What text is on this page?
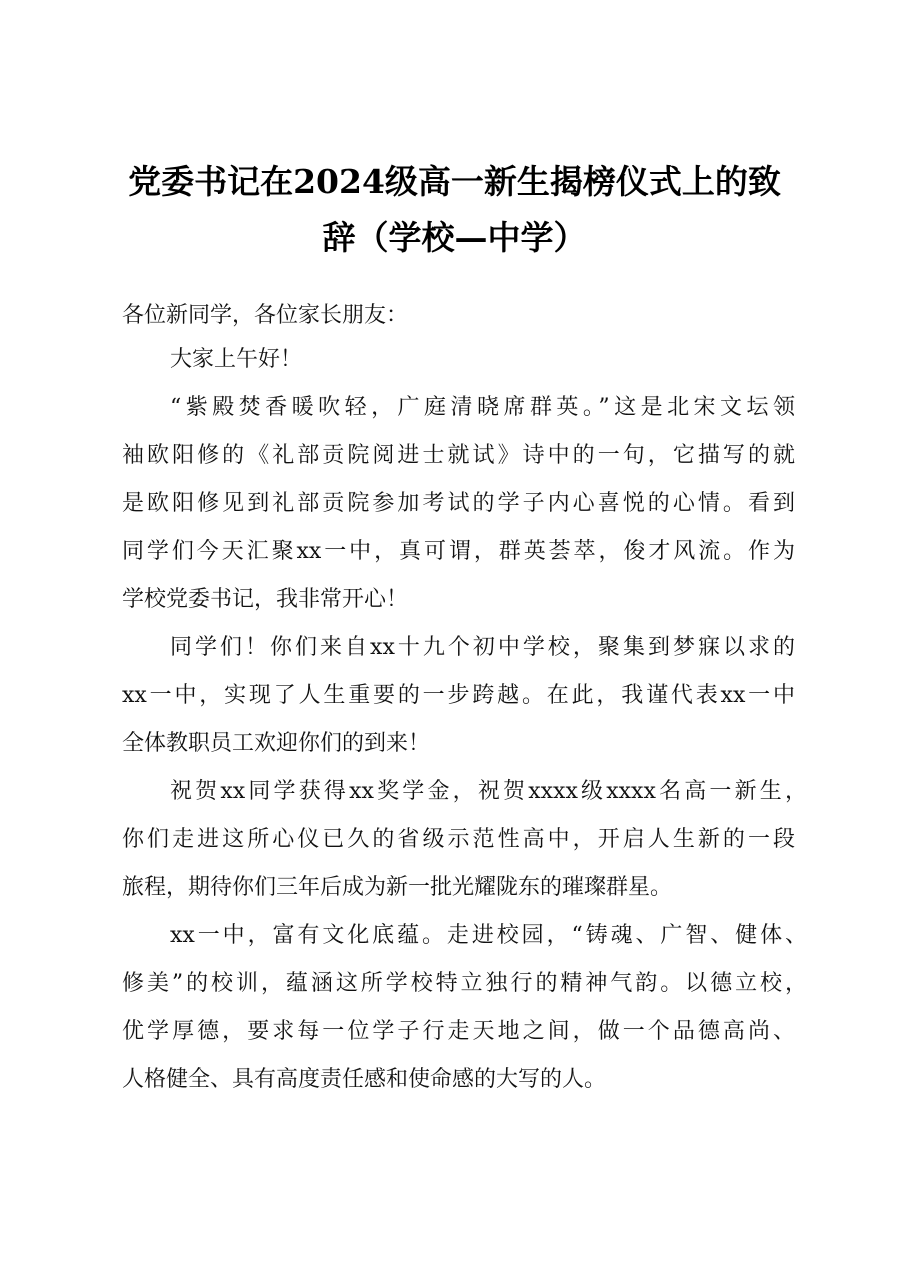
党委书记在2024级高一新生揭榜仪式上的致
辞（学校—中学）
各位新同学，各位家长朋友：
大家上午好！
“紫殿焚香暖吹轻，广庭清晓席群英。”这是北宋文坛领
袖欧阳修的《礼部贡院阅进士就试》诗中的一句，它描写的就
是欧阳修见到礼部贡院参加考试的学子内心喜悦的心情。看到
同学们今天汇聚xx一中，真可谓，群英荟萃，俊才风流。作为
学校党委书记，我非常开心！
同学们！你们来自xx十九个初中学校，聚集到梦寐以求的
xx一中，实现了人生重要的一步跨越。在此，我谨代表xx一中
全体教职员工欢迎你们的到来！
祝贺xx同学获得xx奖学金，祝贺xxxx级xxxx名高一新生，
你们走进这所心仪已久的省级示范性高中，开启人生新的一段
旅程，期待你们三年后成为新一批光耀陇东的璀璨群星。
xx一中，富有文化底蕴。走进校园，“铸魂、广智、健体、
修美”的校训，蕴涵这所学校特立独行的精神气韵。以德立校，
优学厚德，要求每一位学子行走天地之间，做一个品德高尚、
人格健全、具有高度责任感和使命感的大写的人。
